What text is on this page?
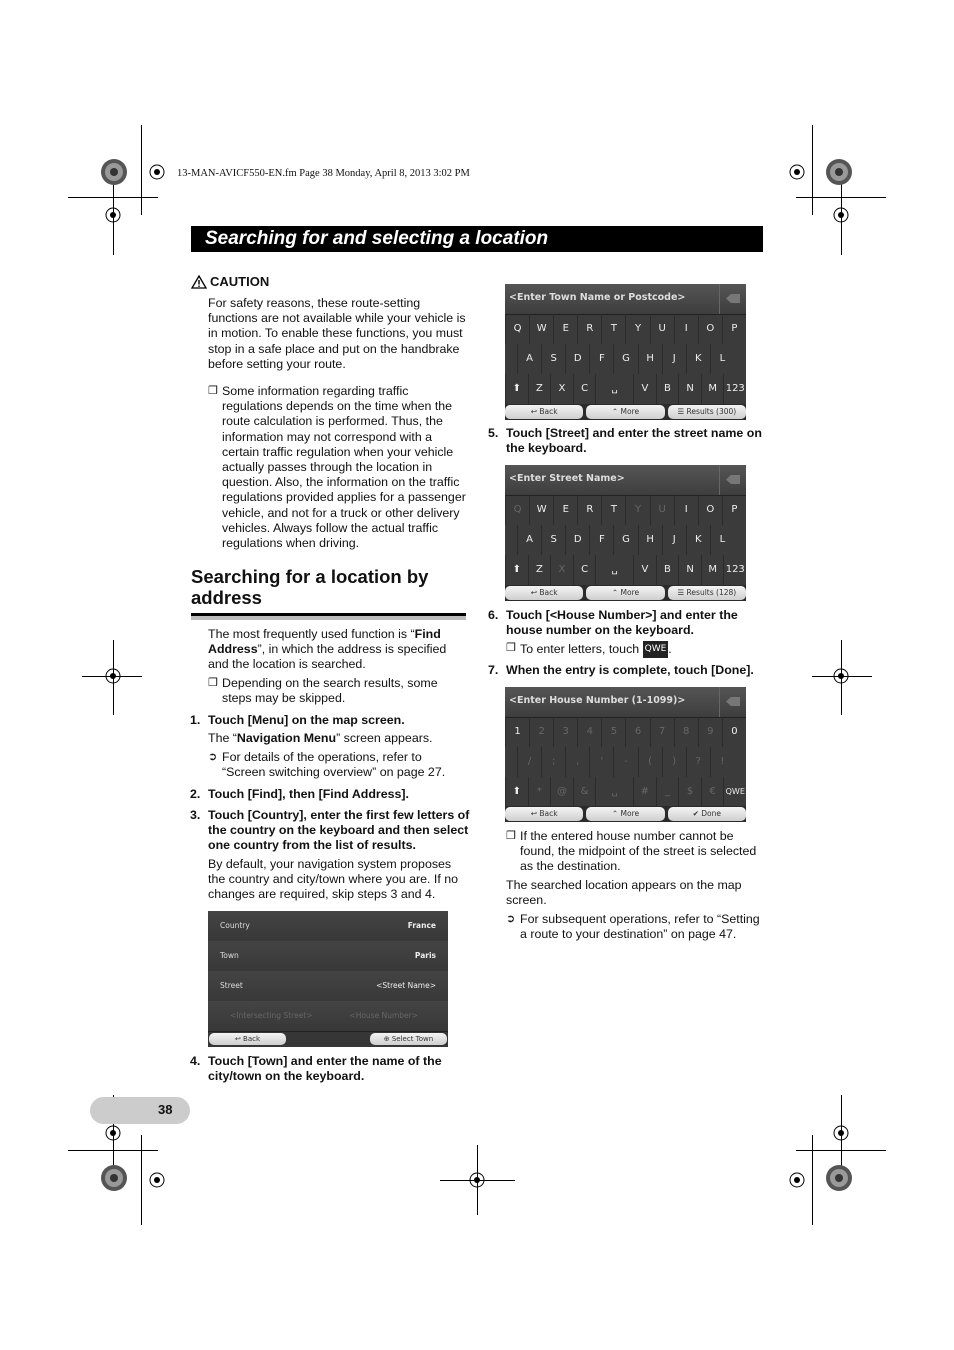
13-MAN-AVICF550-EN.fm Page 38 Monday, April 8, 2013 3:02 PM
Searching for and selecting a location
CAUTION
For safety reasons, these route-setting functions are not available while your vehicle is in motion. To enable these functions, you must stop in a safe place and put on the handbrake before setting your route.
❒ Some information regarding traffic regulations depends on the time when the route calculation is performed. Thus, the information may not correspond with a certain traffic regulation when your vehicle actually passes through the location in question. Also, the information on the traffic regulations provided applies for a passenger vehicle, and not for a truck or other delivery vehicles. Always follow the actual traffic regulations when driving.
Searching for a location by address
The most frequently used function is “Find Address”, in which the address is specified and the location is searched.
❒ Depending on the search results, some steps may be skipped.
1. Touch [Menu] on the map screen.
The “Navigation Menu” screen appears.
➲ For details of the operations, refer to “Screen switching overview” on page 27.
2. Touch [Find], then [Find Address].
3. Touch [Country], enter the first few letters of the country on the keyboard and then select one country from the list of results.
By default, your navigation system proposes the country and city/town where you are. If no changes are required, skip steps 3 and 4.
Country	France
Town	Paris
Street	<Street Name>
<Intersecting Street>	<House Number>
↩ Back	⊕ Select Town
4. Touch [Town] and enter the name of the city/town on the keyboard.
<Enter Town Name or Postcode>
Q	W	E	R	T	Y	U	I	O	P
A	S	D	F	G	H	J	K	L
⬆	Z	X	C	␣	V	B	N	M 123
↩ Back	⌃ More	☰ Results (300)
5. Touch [Street] and enter the street name on the keyboard.
<Enter Street Name>
Q	W	E	R	T	Y	U	I	O	P
A	S	D	F	G	H	J	K	L
⬆	Z	X	C	␣	V	B	N	M 123
↩ Back	⌃ More	☰ Results (128)
6. Touch [<House Number>] and enter the house number on the keyboard.
❒ To enter letters, touch QWE .
7. When the entry is complete, touch [Done].
<Enter House Number (1-1099)>
1	2	3	4	5	6	7	8	9	0
/	;	,	'	-	(	)	?	!
⬆	*	@	&	␣	#	_	$	€	QWE
↩ Back	⌃ More	✔ Done
❒ If the entered house number cannot be found, the midpoint of the street is selected as the destination.
The searched location appears on the map screen.
➲ For subsequent operations, refer to “Setting a route to your destination” on page 47.
38
